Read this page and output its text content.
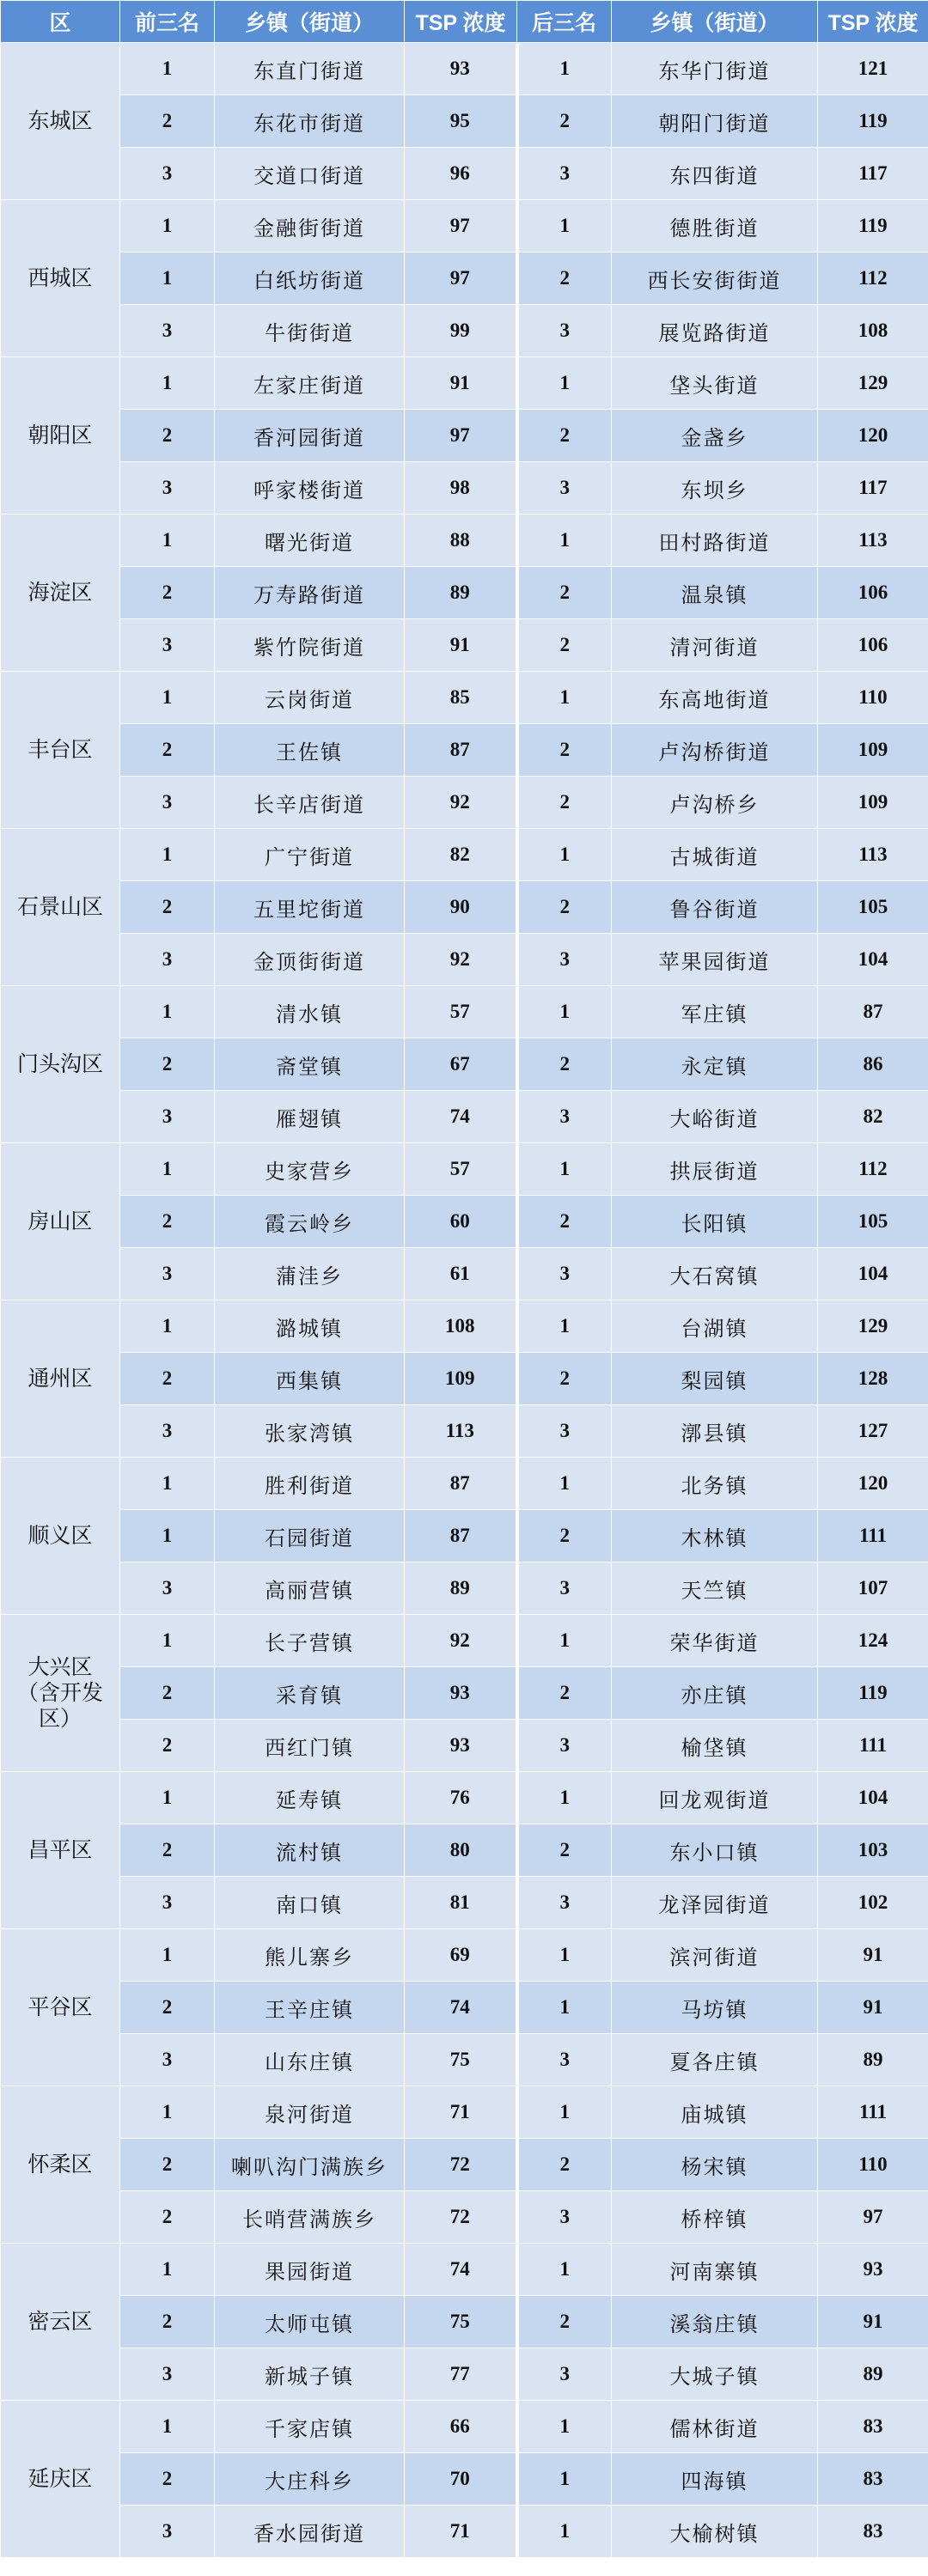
区	前三名	乡镇（街道）	TSP 浓度	后三名	乡镇（街道）	TSP 浓度
东城区	1	东直门街道	93	1	东华门街道	121
	2	东花市街道	95	2	朝阳门街道	119
	3	交道口街道	96	3	东四街道	117
西城区	1	金融街街道	97	1	德胜街道	119
	1	白纸坊街道	97	2	西长安街街道	112
	3	牛街街道	99	3	展览路街道	108
朝阳区	1	左家庄街道	91	1	垡头街道	129
	2	香河园街道	97	2	金盏乡	120
	3	呼家楼街道	98	3	东坝乡	117
海淀区	1	曙光街道	88	1	田村路街道	113
	2	万寿路街道	89	2	温泉镇	106
	3	紫竹院街道	91	2	清河街道	106
丰台区	1	云岗街道	85	1	东高地街道	110
	2	王佐镇	87	2	卢沟桥街道	109
	3	长辛店街道	92	2	卢沟桥乡	109
石景山区	1	广宁街道	82	1	古城街道	113
	2	五里坨街道	90	2	鲁谷街道	105
	3	金顶街街道	92	3	苹果园街道	104
门头沟区	1	清水镇	57	1	军庄镇	87
	2	斋堂镇	67	2	永定镇	86
	3	雁翅镇	74	3	大峪街道	82
房山区	1	史家营乡	57	1	拱辰街道	112
	2	霞云岭乡	60	2	长阳镇	105
	3	蒲洼乡	61	3	大石窝镇	104
通州区	1	潞城镇	108	1	台湖镇	129
	2	西集镇	109	2	梨园镇	128
	3	张家湾镇	113	3	漷县镇	127
顺义区	1	胜利街道	87	1	北务镇	120
	1	石园街道	87	2	木林镇	111
	3	高丽营镇	89	3	天竺镇	107
大兴区（含开发区）	1	长子营镇	92	1	荣华街道	124
	2	采育镇	93	2	亦庄镇	119
	2	西红门镇	93	3	榆垡镇	111
昌平区	1	延寿镇	76	1	回龙观街道	104
	2	流村镇	80	2	东小口镇	103
	3	南口镇	81	3	龙泽园街道	102
平谷区	1	熊儿寨乡	69	1	滨河街道	91
	2	王辛庄镇	74	1	马坊镇	91
	3	山东庄镇	75	3	夏各庄镇	89
怀柔区	1	泉河街道	71	1	庙城镇	111
	2	喇叭沟门满族乡	72	2	杨宋镇	110
	2	长哨营满族乡	72	3	桥梓镇	97
密云区	1	果园街道	74	1	河南寨镇	93
	2	太师屯镇	75	2	溪翁庄镇	91
	3	新城子镇	77	3	大城子镇	89
延庆区	1	千家店镇	66	1	儒林街道	83
	2	大庄科乡	70	1	四海镇	83
	3	香水园街道	71	1	大榆树镇	83
